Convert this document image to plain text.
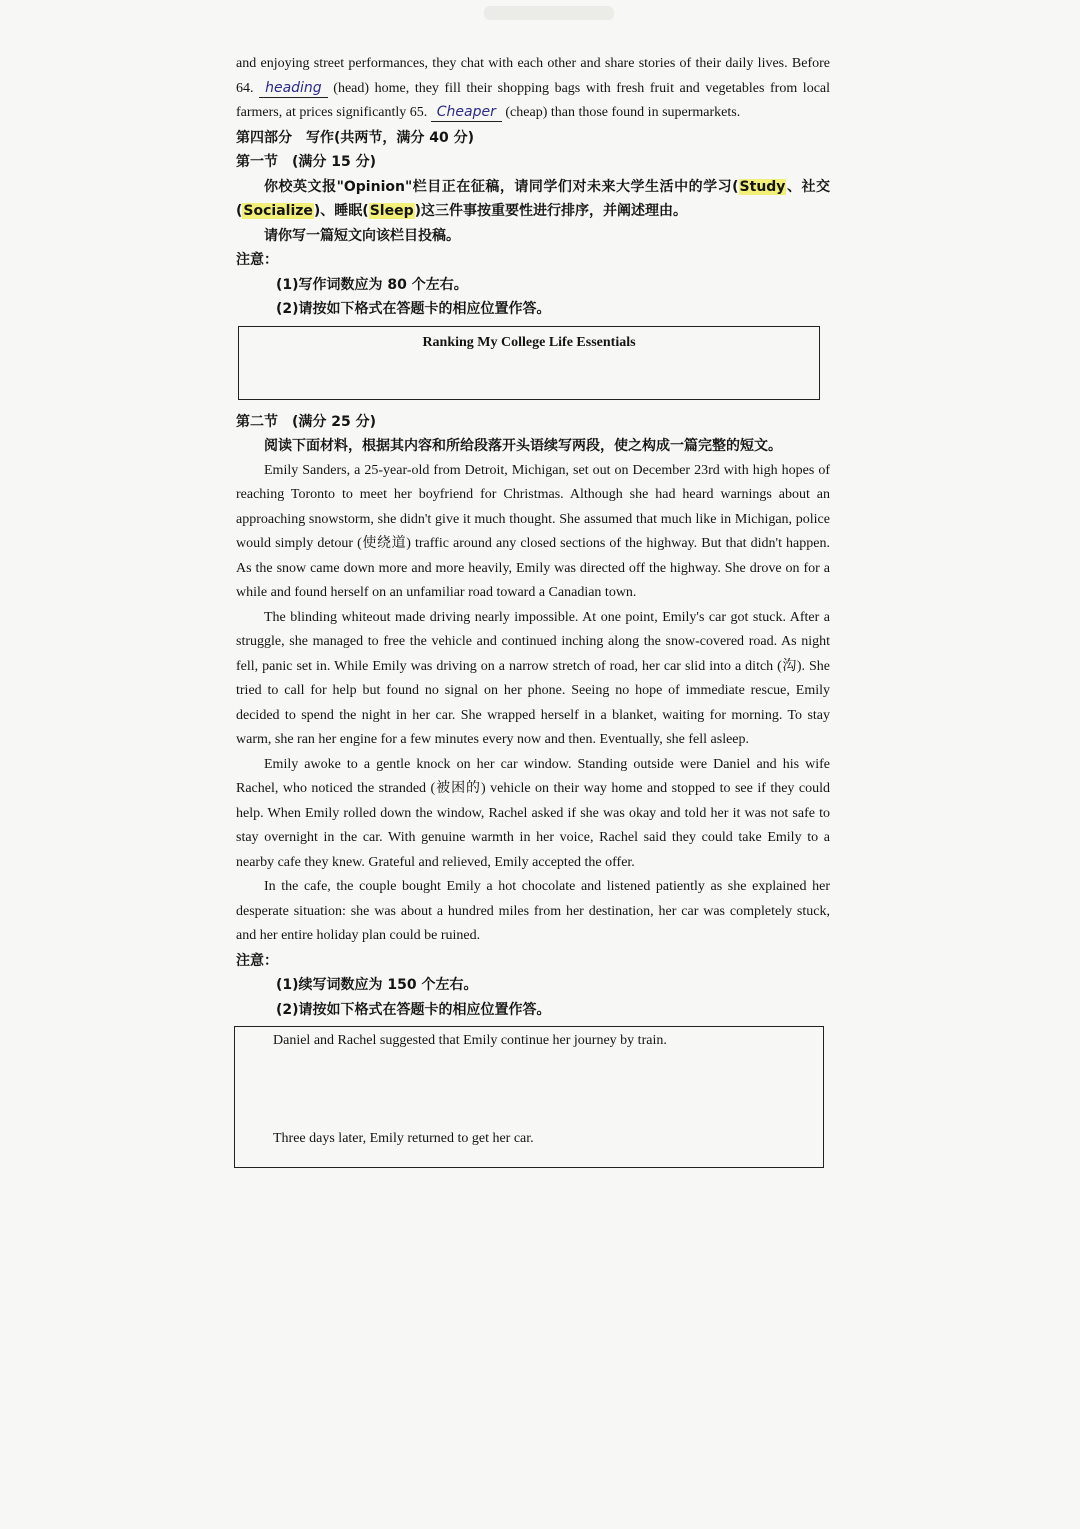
and enjoying street performances, they chat with each other and share stories of their daily lives. Before 64. heading (head) home, they fill their shopping bags with fresh fruit and vegetables from local farmers, at prices significantly 65. Cheaper (cheap) than those found in supermarkets.

第四部分　写作(共两节，满分 40 分)

第一节　(满分 15 分)

你校英文报"Opinion"栏目正在征稿，请同学们对未来大学生活中的学习(Study、社交(Socialize)、睡眠(Sleep)这三件事按重要性进行排序，并阐述理由。

请你写一篇短文向该栏目投稿。

注意：

(1)写作词数应为 80 个左右。

(2)请按如下格式在答题卡的相应位置作答。

Ranking My College Life Essentials

第二节　(满分 25 分)

阅读下面材料，根据其内容和所给段落开头语续写两段，使之构成一篇完整的短文。

Emily Sanders, a 25-year-old from Detroit, Michigan, set out on December 23rd with high hopes of reaching Toronto to meet her boyfriend for Christmas. Although she had heard warnings about an approaching snowstorm, she didn't give it much thought. She assumed that much like in Michigan, police would simply detour (使绕道) traffic around any closed sections of the highway. But that didn't happen. As the snow came down more and more heavily, Emily was directed off the highway. She drove on for a while and found herself on an unfamiliar road toward a Canadian town.

The blinding whiteout made driving nearly impossible. At one point, Emily's car got stuck. After a struggle, she managed to free the vehicle and continued inching along the snow-covered road. As night fell, panic set in. While Emily was driving on a narrow stretch of road, her car slid into a ditch (沟). She tried to call for help but found no signal on her phone. Seeing no hope of immediate rescue, Emily decided to spend the night in her car. She wrapped herself in a blanket, waiting for morning. To stay warm, she ran her engine for a few minutes every now and then. Eventually, she fell asleep.

Emily awoke to a gentle knock on her car window. Standing outside were Daniel and his wife Rachel, who noticed the stranded (被困的) vehicle on their way home and stopped to see if they could help. When Emily rolled down the window, Rachel asked if she was okay and told her it was not safe to stay overnight in the car. With genuine warmth in her voice, Rachel said they could take Emily to a nearby cafe they knew. Grateful and relieved, Emily accepted the offer.

In the cafe, the couple bought Emily a hot chocolate and listened patiently as she explained her desperate situation: she was about a hundred miles from her destination, her car was completely stuck, and her entire holiday plan could be ruined.

注意：

(1)续写词数应为 150 个左右。

(2)请按如下格式在答题卡的相应位置作答。

Daniel and Rachel suggested that Emily continue her journey by train.
Three days later, Emily returned to get her car.
